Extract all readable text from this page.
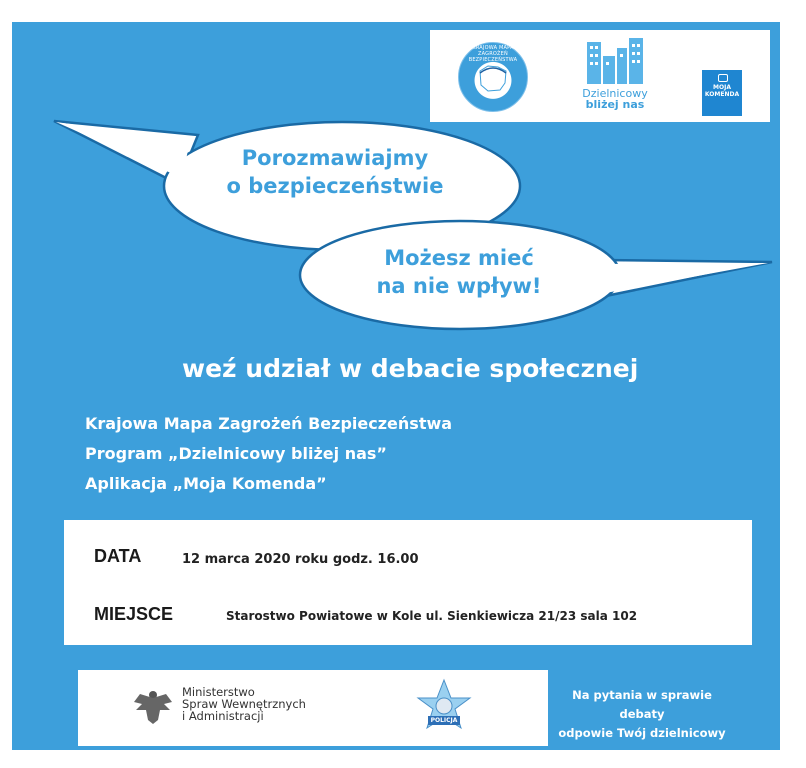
KRAJOWA MAPA ZAGROŻEŃ BEZPIECZEŃSTWA
Dzielnicowy
bliżej nas
MOJA
KOMENDA
Porozmawiajmy
o bezpieczeństwie
Możesz mieć
na nie wpływ!
weź udział w debacie społecznej
Krajowa Mapa Zagrożeń Bezpieczeństwa
Program „Dzielnicowy bliżej nas”
Aplikacja „Moja Komenda”
DATA	12 marca 2020 roku godz. 16.00
MIEJSCE	Starostwo Powiatowe w Kole ul. Sienkiewicza 21/23 sala 102
Ministerstwo
Spraw Wewnętrznych
i Administracji	POLICJA
Na pytania w sprawie debaty
odpowie Twój dzielnicowy
